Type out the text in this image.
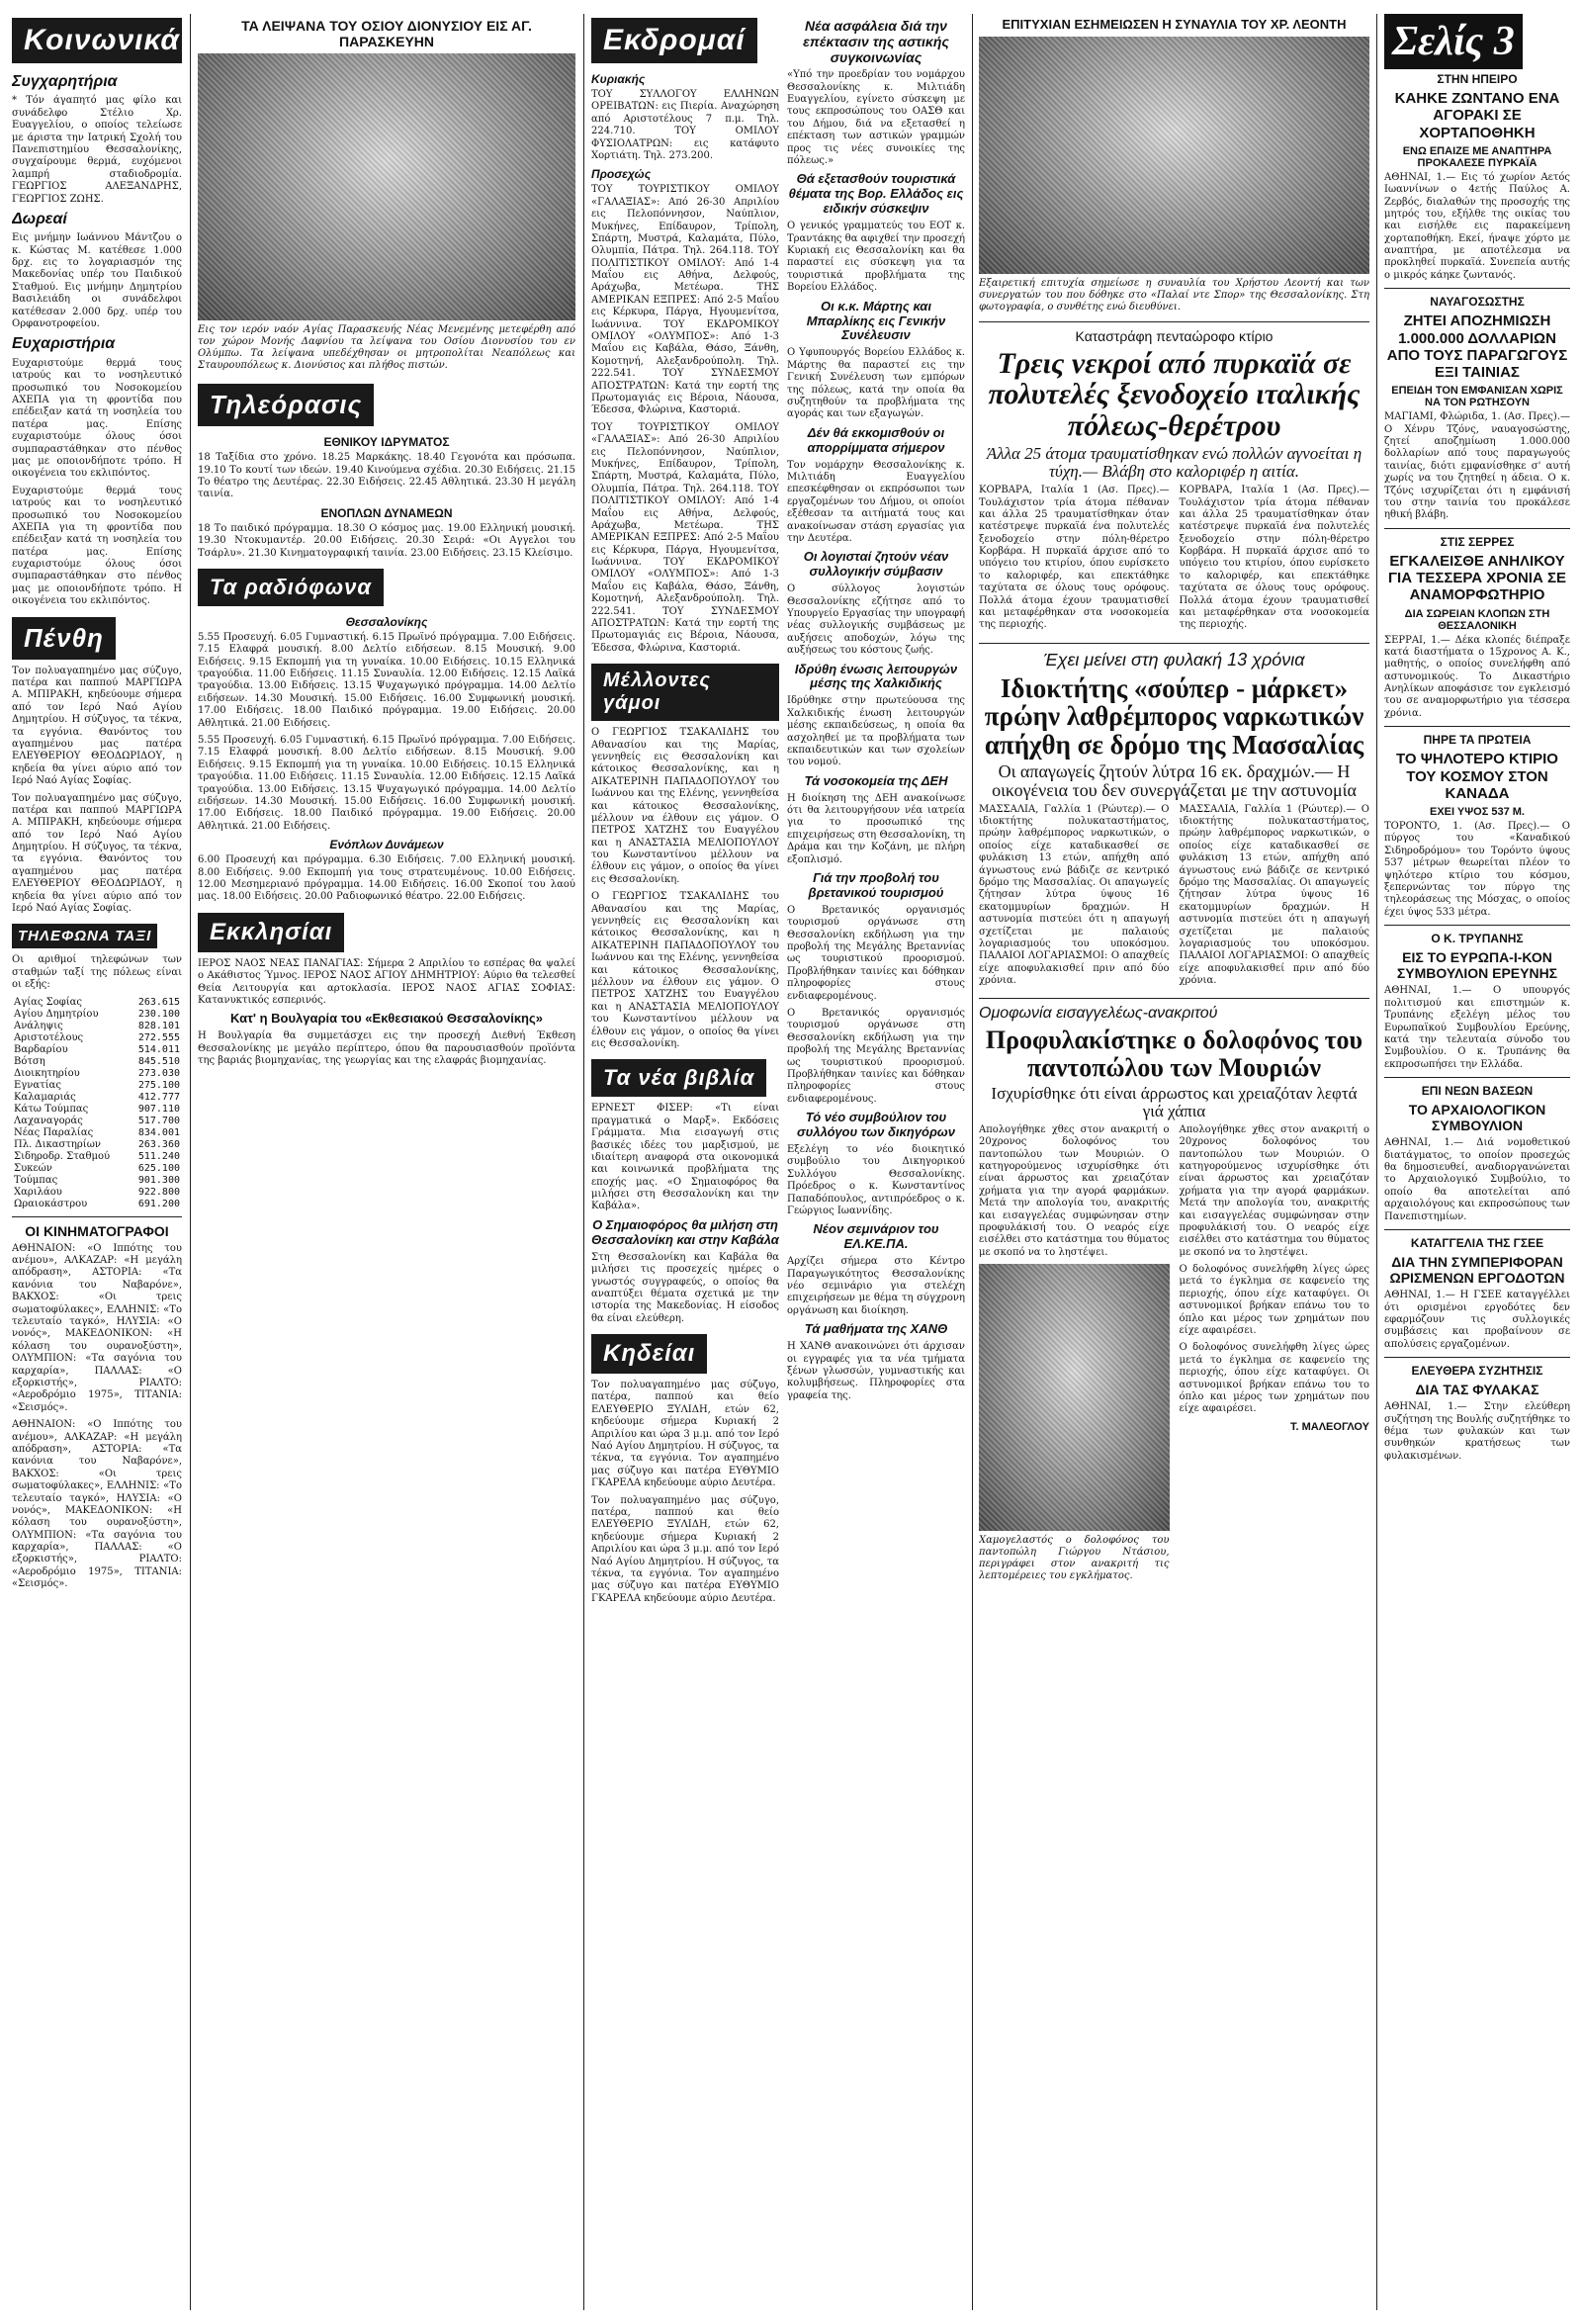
Κοινωνικά
Συγχαρητήρια

* Τόν άγαπητό μας φίλο και συνάδελφο Στέλιο Χρ. Ευαγγελίου, ο οποίος τελείωσε με άριστα την Ιατρική Σχολή του Πανεπιστημίου Θεσσαλονίκης, συγχαίρουμε θερμά, ευχόμενοι λαμπρή σταδιοδρομία. ΓΕΩΡΓΙΟΣ ΑΛΕΞΑΝΔΡΗΣ, ΓΕΩΡΓΙΟΣ ΖΩΗΣ.

Δωρεαί

Εις μνήμην Ιωάννου Μάντζου ο κ. Κώστας Μ. κατέθεσε 1.000 δρχ. εις το λογαριασμόν της Μακεδονίας υπέρ του Παιδικού Σταθμού. Εις μνήμην Δημητρίου Βασιλειάδη οι συνάδελφοι κατέθεσαν 2.000 δρχ. υπέρ του Ορφανοτροφείου.

Ευχαριστήρια

Ευχαριστούμε θερμά τους ιατρούς και το νοσηλευτικό προσωπικό του Νοσοκομείου ΑΧΕΠΑ για τη φροντίδα που επέδειξαν κατά τη νοσηλεία του πατέρα μας. Επίσης ευχαριστούμε όλους όσοι συμπαραστάθηκαν στο πένθος μας με οποιονδήποτε τρόπο. Η οικογένεια του εκλιπόντος.

Ευχαριστούμε θερμά τους ιατρούς και το νοσηλευτικό προσωπικό του Νοσοκομείου ΑΧΕΠΑ για τη φροντίδα που επέδειξαν κατά τη νοσηλεία του πατέρα μας. Επίσης ευχαριστούμε όλους όσοι συμπαραστάθηκαν στο πένθος μας με οποιονδήποτε τρόπο. Η οικογένεια του εκλιπόντος.

Πένθη

Τον πολυαγαπημένο μας σύζυγο, πατέρα και παππού ΜΑΡΓΙΩΡΑ Α. ΜΠΙΡΑΚΗ, κηδεύουμε σήμερα από τον Ιερό Ναό Αγίου Δημητρίου. Η σύζυγος, τα τέκνα, τα εγγόνια. Θανόντος του αγαπημένου μας πατέρα ΕΛΕΥΘΕΡΙΟΥ ΘΕΟΔΩΡΙΔΟΥ, η κηδεία θα γίνει αύριο από τον Ιερό Ναό Αγίας Σοφίας.

Τον πολυαγαπημένο μας σύζυγο, πατέρα και παππού ΜΑΡΓΙΩΡΑ Α. ΜΠΙΡΑΚΗ, κηδεύουμε σήμερα από τον Ιερό Ναό Αγίου Δημητρίου. Η σύζυγος, τα τέκνα, τα εγγόνια. Θανόντος του αγαπημένου μας πατέρα ΕΛΕΥΘΕΡΙΟΥ ΘΕΟΔΩΡΙΔΟΥ, η κηδεία θα γίνει αύριο από τον Ιερό Ναό Αγίας Σοφίας.

ΤΗΛΕΦΩΝΑ ΤΑΞΙ

Οι αριθμοί τηλεφώνων των σταθμών ταξί της πόλεως είναι οι εξής:

Αγίας Σοφίας	263.615
Αγίου Δημητρίου	230.100
Ανάληψις	828.101
Αριστοτέλους	272.555
Βαρδαρίου	514.011
Βότση	845.510
Διοικητηρίου	273.030
Εγνατίας	275.100
Καλαμαριάς	412.777
Κάτω Τούμπας	907.110
Λαχαναγοράς	517.700
Νέας Παραλίας	834.001
Πλ. Δικαστηρίων	263.360
Σιδηροδρ. Σταθμού	511.240
Συκεών	625.100
Τούμπας	901.300
Χαριλάου	922.800
Ωραιοκάστρου	691.200
ΟΙ ΚΙΝΗΜΑΤΟΓΡΑΦΟΙ

ΑΘΗΝΑΙΟΝ: «Ο Ιππότης του ανέμου», ΑΛΚΑΖΑΡ: «Η μεγάλη απόδραση», ΑΣΤΟΡΙΑ: «Τα κανόνια του Ναβαρόνε», ΒΑΚΧΟΣ: «Οι τρεις σωματοφύλακες», ΕΛΛΗΝΙΣ: «Το τελευταίο ταγκό», ΗΛΥΣΙΑ: «Ο νονός», ΜΑΚΕΔΟΝΙΚΟΝ: «Η κόλαση του ουρανοξύστη», ΟΛΥΜΠΙΟΝ: «Τα σαγόνια του καρχαρία», ΠΑΛΛΑΣ: «Ο εξορκιστής», ΡΙΑΛΤΟ: «Αεροδρόμιο 1975», ΤΙΤΑΝΙΑ: «Σεισμός».

ΑΘΗΝΑΙΟΝ: «Ο Ιππότης του ανέμου», ΑΛΚΑΖΑΡ: «Η μεγάλη απόδραση», ΑΣΤΟΡΙΑ: «Τα κανόνια του Ναβαρόνε», ΒΑΚΧΟΣ: «Οι τρεις σωματοφύλακες», ΕΛΛΗΝΙΣ: «Το τελευταίο ταγκό», ΗΛΥΣΙΑ: «Ο νονός», ΜΑΚΕΔΟΝΙΚΟΝ: «Η κόλαση του ουρανοξύστη», ΟΛΥΜΠΙΟΝ: «Τα σαγόνια του καρχαρία», ΠΑΛΛΑΣ: «Ο εξορκιστής», ΡΙΑΛΤΟ: «Αεροδρόμιο 1975», ΤΙΤΑΝΙΑ: «Σεισμός».

ΤΑ ΛΕΙΨΑΝΑ ΤΟΥ ΟΣΙΟΥ ΔΙΟΝΥΣΙΟΥ ΕΙΣ ΑΓ. ΠΑΡΑΣΚΕΥΗΝ

Εις τον ιερόν ναόν Αγίας Παρασκευής Νέας Μενεμένης μετεφέρθη από τον χώρον Μονής Δαφνίου τα λείψανα του Οσίου Διονυσίου του εν Ολύμπω. Τα λείψανα υπεδέχθησαν οι μητροπολίται Νεαπόλεως και Σταυρουπόλεως κ. Διονύσιος και πλήθος πιστών.

Τηλεόρασις
ΕΘΝΙΚΟΥ ΙΔΡΥΜΑΤΟΣ

18 Ταξίδια στο χρόνο. 18.25 Μαρκάκης. 18.40 Γεγονότα και πρόσωπα. 19.10 Το κουτί των ιδεών. 19.40 Κινούμενα σχέδια. 20.30 Ειδήσεις. 21.15 Το θέατρο της Δευτέρας. 22.30 Ειδήσεις. 22.45 Αθλητικά. 23.30 Η μεγάλη ταινία.

ΕΝΟΠΛΩΝ ΔΥΝΑΜΕΩΝ

18 Το παιδικό πρόγραμμα. 18.30 Ο κόσμος μας. 19.00 Ελληνική μουσική. 19.30 Ντοκυμαντέρ. 20.00 Ειδήσεις. 20.30 Σειρά: «Οι Αγγελοι του Τσάρλυ». 21.30 Κινηματογραφική ταινία. 23.00 Ειδήσεις. 23.15 Κλείσιμο.

Τα ραδιόφωνα
Θεσσαλονίκης

5.55 Προσευχή. 6.05 Γυμναστική. 6.15 Πρωϊνό πρόγραμμα. 7.00 Ειδήσεις. 7.15 Ελαφρά μουσική. 8.00 Δελτίο ειδήσεων. 8.15 Μουσική. 9.00 Ειδήσεις. 9.15 Εκπομπή για τη γυναίκα. 10.00 Ειδήσεις. 10.15 Ελληνικά τραγούδια. 11.00 Ειδήσεις. 11.15 Συναυλία. 12.00 Ειδήσεις. 12.15 Λαϊκά τραγούδια. 13.00 Ειδήσεις. 13.15 Ψυχαγωγικό πρόγραμμα. 14.00 Δελτίο ειδήσεων. 14.30 Μουσική. 15.00 Ειδήσεις. 16.00 Συμφωνική μουσική. 17.00 Ειδήσεις. 18.00 Παιδικό πρόγραμμα. 19.00 Ειδήσεις. 20.00 Αθλητικά. 21.00 Ειδήσεις.

5.55 Προσευχή. 6.05 Γυμναστική. 6.15 Πρωϊνό πρόγραμμα. 7.00 Ειδήσεις. 7.15 Ελαφρά μουσική. 8.00 Δελτίο ειδήσεων. 8.15 Μουσική. 9.00 Ειδήσεις. 9.15 Εκπομπή για τη γυναίκα. 10.00 Ειδήσεις. 10.15 Ελληνικά τραγούδια. 11.00 Ειδήσεις. 11.15 Συναυλία. 12.00 Ειδήσεις. 12.15 Λαϊκά τραγούδια. 13.00 Ειδήσεις. 13.15 Ψυχαγωγικό πρόγραμμα. 14.00 Δελτίο ειδήσεων. 14.30 Μουσική. 15.00 Ειδήσεις. 16.00 Συμφωνική μουσική. 17.00 Ειδήσεις. 18.00 Παιδικό πρόγραμμα. 19.00 Ειδήσεις. 20.00 Αθλητικά. 21.00 Ειδήσεις.

Ενόπλων Δυνάμεων

6.00 Προσευχή και πρόγραμμα. 6.30 Ειδήσεις. 7.00 Ελληνική μουσική. 8.00 Ειδήσεις. 9.00 Εκπομπή για τους στρατευμένους. 10.00 Ειδήσεις. 12.00 Μεσημεριανό πρόγραμμα. 14.00 Ειδήσεις. 16.00 Σκοποί του λαού μας. 18.00 Ειδήσεις. 20.00 Ραδιοφωνικό θέατρο. 22.00 Ειδήσεις.

Εκκλησίαι

ΙΕΡΟΣ ΝΑΟΣ ΝΕΑΣ ΠΑΝΑΓΙΑΣ: Σήμερα 2 Απριλίου το εσπέρας θα ψαλεί ο Ακάθιστος Ύμνος. ΙΕΡΟΣ ΝΑΟΣ ΑΓΙΟΥ ΔΗΜΗΤΡΙΟΥ: Αύριο θα τελεσθεί Θεία Λειτουργία και αρτοκλασία. ΙΕΡΟΣ ΝΑΟΣ ΑΓΙΑΣ ΣΟΦΙΑΣ: Κατανυκτικός εσπερινός.

Κατ' η Βουλγαρία του «Εκθεσιακού Θεσσαλονίκης»

Η Βουλγαρία θα συμμετάσχει εις την προσεχή Διεθνή Έκθεση Θεσσαλονίκης με μεγάλο περίπτερο, όπου θα παρουσιασθούν προϊόντα της βαριάς βιομηχανίας, της γεωργίας και της ελαφράς βιομηχανίας.

Εκδρομαί
Κυριακής

ΤΟΥ ΣΥΛΛΟΓΟΥ ΕΛΛΗΝΩΝ ΟΡΕΙΒΑΤΩΝ: εις Πιερία. Αναχώρηση από Αριστοτέλους 7 π.μ. Τηλ. 224.710. ΤΟΥ ΟΜΙΛΟΥ ΦΥΣΙΟΛΑΤΡΩΝ: εις κατάφυτο Χορτιάτη. Τηλ. 273.200.

Προσεχώς

ΤΟΥ ΤΟΥΡΙΣΤΙΚΟΥ ΟΜΙΛΟΥ «ΓΑΛΑΞΙΑΣ»: Από 26-30 Απριλίου εις Πελοπόννησον, Ναύπλιον, Μυκήνες, Επίδαυρον, Τρίπολη, Σπάρτη, Μυστρά, Καλαμάτα, Πύλο, Ολυμπία, Πάτρα. Τηλ. 264.118. ΤΟΥ ΠΟΛΙΤΙΣΤΙΚΟΥ ΟΜΙΛΟΥ: Από 1-4 Μαΐου εις Αθήνα, Δελφούς, Αράχωβα, Μετέωρα. ΤΗΣ ΑΜΕΡΙΚΑΝ ΕΞΠΡΕΣ: Από 2-5 Μαΐου εις Κέρκυρα, Πάργα, Ηγουμενίτσα, Ιωάννινα. ΤΟΥ ΕΚΔΡΟΜΙΚΟΥ ΟΜΙΛΟΥ «ΟΛΥΜΠΟΣ»: Από 1-3 Μαΐου εις Καβάλα, Θάσο, Ξάνθη, Κομοτηνή, Αλεξανδρούπολη. Τηλ. 222.541. ΤΟΥ ΣΥΝΔΕΣΜΟΥ ΑΠΟΣΤΡΑΤΩΝ: Κατά την εορτή της Πρωτομαγιάς εις Βέροια, Νάουσα, Έδεσσα, Φλώρινα, Καστοριά.

ΤΟΥ ΤΟΥΡΙΣΤΙΚΟΥ ΟΜΙΛΟΥ «ΓΑΛΑΞΙΑΣ»: Από 26-30 Απριλίου εις Πελοπόννησον, Ναύπλιον, Μυκήνες, Επίδαυρον, Τρίπολη, Σπάρτη, Μυστρά, Καλαμάτα, Πύλο, Ολυμπία, Πάτρα. Τηλ. 264.118. ΤΟΥ ΠΟΛΙΤΙΣΤΙΚΟΥ ΟΜΙΛΟΥ: Από 1-4 Μαΐου εις Αθήνα, Δελφούς, Αράχωβα, Μετέωρα. ΤΗΣ ΑΜΕΡΙΚΑΝ ΕΞΠΡΕΣ: Από 2-5 Μαΐου εις Κέρκυρα, Πάργα, Ηγουμενίτσα, Ιωάννινα. ΤΟΥ ΕΚΔΡΟΜΙΚΟΥ ΟΜΙΛΟΥ «ΟΛΥΜΠΟΣ»: Από 1-3 Μαΐου εις Καβάλα, Θάσο, Ξάνθη, Κομοτηνή, Αλεξανδρούπολη. Τηλ. 222.541. ΤΟΥ ΣΥΝΔΕΣΜΟΥ ΑΠΟΣΤΡΑΤΩΝ: Κατά την εορτή της Πρωτομαγιάς εις Βέροια, Νάουσα, Έδεσσα, Φλώρινα, Καστοριά.

Μέλλοντες γάμοι

Ο ΓΕΩΡΓΙΟΣ ΤΣΑΚΑΛΙΔΗΣ του Αθανασίου και της Μαρίας, γεννηθείς εις Θεσσαλονίκη και κάτοικος Θεσσαλονίκης, και η ΑΙΚΑΤΕΡΙΝΗ ΠΑΠΑΔΟΠΟΥΛΟΥ του Ιωάννου και της Ελένης, γεννηθείσα και κάτοικος Θεσσαλονίκης, μέλλουν να έλθουν εις γάμον. Ο ΠΕΤΡΟΣ ΧΑΤΖΗΣ του Ευαγγέλου και η ΑΝΑΣΤΑΣΙΑ ΜΕΛΙΟΠΟΥΛΟΥ του Κωνσταντίνου μέλλουν να έλθουν εις γάμον, ο οποίος θα γίνει εις Θεσσαλονίκη.

Ο ΓΕΩΡΓΙΟΣ ΤΣΑΚΑΛΙΔΗΣ του Αθανασίου και της Μαρίας, γεννηθείς εις Θεσσαλονίκη και κάτοικος Θεσσαλονίκης, και η ΑΙΚΑΤΕΡΙΝΗ ΠΑΠΑΔΟΠΟΥΛΟΥ του Ιωάννου και της Ελένης, γεννηθείσα και κάτοικος Θεσσαλονίκης, μέλλουν να έλθουν εις γάμον. Ο ΠΕΤΡΟΣ ΧΑΤΖΗΣ του Ευαγγέλου και η ΑΝΑΣΤΑΣΙΑ ΜΕΛΙΟΠΟΥΛΟΥ του Κωνσταντίνου μέλλουν να έλθουν εις γάμον, ο οποίος θα γίνει εις Θεσσαλονίκη.

Τα νέα βιβλία

ΕΡΝΕΣΤ ΦΙΣΕΡ: «Τι είναι πραγματικά ο Μαρξ». Εκδόσεις Γράμματα. Μια εισαγωγή στις βασικές ιδέες του μαρξισμού, με ιδιαίτερη αναφορά στα οικονομικά και κοινωνικά προβλήματα της εποχής μας. «Ο Σημαιοφόρος θα μιλήσει στη Θεσσαλονίκη και την Καβάλα».

Ο Σημαιοφόρος θα μιλήση στη Θεσσαλονίκη και στην Καβάλα

Στη Θεσσαλονίκη και Καβάλα θα μιλήσει τις προσεχείς ημέρες ο γνωστός συγγραφεύς, ο οποίος θα αναπτύξει θέματα σχετικά με την ιστορία της Μακεδονίας. Η είσοδος θα είναι ελεύθερη.

Κηδείαι

Τον πολυαγαπημένο μας σύζυγο, πατέρα, παππού και θείο ΕΛΕΥΘΕΡΙΟ ΞΥΛΙΔΗ, ετών 62, κηδεύουμε σήμερα Κυριακή 2 Απριλίου και ώρα 3 μ.μ. από τον Ιερό Ναό Αγίου Δημητρίου. Η σύζυγος, τα τέκνα, τα εγγόνια. Τον αγαπημένο μας σύζυγο και πατέρα ΕΥΘΥΜΙΟ ΓΚΑΡΕΛΑ κηδεύουμε αύριο Δευτέρα.

Τον πολυαγαπημένο μας σύζυγο, πατέρα, παππού και θείο ΕΛΕΥΘΕΡΙΟ ΞΥΛΙΔΗ, ετών 62, κηδεύουμε σήμερα Κυριακή 2 Απριλίου και ώρα 3 μ.μ. από τον Ιερό Ναό Αγίου Δημητρίου. Η σύζυγος, τα τέκνα, τα εγγόνια. Τον αγαπημένο μας σύζυγο και πατέρα ΕΥΘΥΜΙΟ ΓΚΑΡΕΛΑ κηδεύουμε αύριο Δευτέρα.

Νέα ασφάλεια διά την επέκτασιν της αστικής συγκοινωνίας

«Υπό την προεδρίαν του νομάρχου Θεσσαλονίκης κ. Μιλτιάδη Ευαγγελίου, εγίνετο σύσκεψη με τους εκπροσώπους του ΟΑΣΘ και του Δήμου, διά να εξετασθεί η επέκταση των αστικών γραμμών προς τις νέες συνοικίες της πόλεως.»

Θά εξετασθούν τουριστικά θέματα της Βορ. Ελλάδος εις ειδικήν σύσκεψιν

Ο γενικός γραμματεύς του ΕΟΤ κ. Τραντάκης θα αφιχθεί την προσεχή Κυριακή εις Θεσσαλονίκη και θα παραστεί εις σύσκεψη για τα τουριστικά προβλήματα της Βορείου Ελλάδος.

Οι κ.κ. Μάρτης και Μπαρλίκης εις Γενικήν Συνέλευσιν

Ο Υφυπουργός Βορείου Ελλάδος κ. Μάρτης θα παραστεί εις την Γενική Συνέλευση των εμπόρων της πόλεως, κατά την οποία θα συζητηθούν τα προβλήματα της αγοράς και των εξαγωγών.

Δέν θά εκκομισθούν οι απορρίμματα σήμερον

Τον νομάρχην Θεσσαλονίκης κ. Μιλτιάδη Ευαγγελίου επεσκέφθησαν οι εκπρόσωποι των εργαζομένων του Δήμου, οι οποίοι εξέθεσαν τα αιτήματά τους και ανακοίνωσαν στάση εργασίας για την Δευτέρα.

Οι λογισταί ζητούν νέαν συλλογικήν σύμβασιν

Ο σύλλογος λογιστών Θεσσαλονίκης εζήτησε από το Υπουργείο Εργασίας την υπογραφή νέας συλλογικής συμβάσεως με αυξήσεις αποδοχών, λόγω της αυξήσεως του κόστους ζωής.

Ιδρύθη ένωσις λειτουργών μέσης της Χαλκιδικής

Ιδρύθηκε στην πρωτεύουσα της Χαλκιδικής ένωση λειτουργών μέσης εκπαιδεύσεως, η οποία θα ασχοληθεί με τα προβλήματα των εκπαιδευτικών και των σχολείων του νομού.

Τά νοσοκομεία της ΔΕΗ

Η διοίκηση της ΔΕΗ ανακοίνωσε ότι θα λειτουργήσουν νέα ιατρεία για το προσωπικό της επιχειρήσεως στη Θεσσαλονίκη, τη Δράμα και την Κοζάνη, με πλήρη εξοπλισμό.

Γιά την προβολή του βρετανικού τουρισμού

Ο Βρετανικός οργανισμός τουρισμού οργάνωσε στη Θεσσαλονίκη εκδήλωση για την προβολή της Μεγάλης Βρεταννίας ως τουριστικού προορισμού. Προβλήθηκαν ταινίες και δόθηκαν πληροφορίες στους ενδιαφερομένους.

Ο Βρετανικός οργανισμός τουρισμού οργάνωσε στη Θεσσαλονίκη εκδήλωση για την προβολή της Μεγάλης Βρεταννίας ως τουριστικού προορισμού. Προβλήθηκαν ταινίες και δόθηκαν πληροφορίες στους ενδιαφερομένους.

Τό νέο συμβούλιον του συλλόγου των δικηγόρων

Εξελέγη το νέο διοικητικό συμβούλιο του Δικηγορικού Συλλόγου Θεσσαλονίκης. Πρόεδρος ο κ. Κωνσταντίνος Παπαδόπουλος, αντιπρόεδρος ο κ. Γεώργιος Ιωαννίδης.

Νέον σεμινάριον του ΕΛ.ΚΕ.ΠΑ.

Αρχίζει σήμερα στο Κέντρο Παραγωγικότητος Θεσσαλονίκης νέο σεμινάριο για στελέχη επιχειρήσεων με θέμα τη σύγχρονη οργάνωση και διοίκηση.

Τά μαθήματα της ΧΑΝΘ

Η ΧΑΝΘ ανακοινώνει ότι άρχισαν οι εγγραφές για τα νέα τμήματα ξένων γλωσσών, γυμναστικής και κολυμβήσεως. Πληροφορίες στα γραφεία της.

ΕΠΙΤΥΧΙΑΝ ΕΣΗΜΕΙΩΣΕΝ Η ΣΥΝΑΥΛΙΑ ΤΟΥ ΧΡ. ΛΕΟΝΤΗ

Εξαιρετική επιτυχία σημείωσε η συναυλία του Χρήστου Λεοντή και των συνεργατών του που δόθηκε στο «Παλαί ντε Σπορ» της Θεσσαλονίκης. Στη φωτογραφία, ο συνθέτης ενώ διευθύνει.

Καταστράφη πενταώροφο κτίριο
Τρεις νεκροί από πυρκαϊά σε πολυτελές ξενοδοχείο ιταλικής πόλεως-θερέτρου
Άλλα 25 άτομα τραυματίσθηκαν ενώ πολλών αγνοείται η τύχη.— Βλάβη στο καλοριφέρ η αιτία.

ΚΟΡΒΑΡΑ, Ιταλία 1 (Ασ. Πρες).— Τουλάχιστον τρία άτομα πέθαναν και άλλα 25 τραυματίσθηκαν όταν κατέστρεψε πυρκαϊά ένα πολυτελές ξενοδοχείο στην πόλη-θέρετρο Κορβάρα. Η πυρκαϊά άρχισε από το υπόγειο του κτιρίου, όπου ευρίσκετο το καλοριφέρ, και επεκτάθηκε ταχύτατα σε όλους τους ορόφους. Πολλά άτομα έχουν τραυματισθεί και μεταφέρθηκαν στα νοσοκομεία της περιοχής.

ΚΟΡΒΑΡΑ, Ιταλία 1 (Ασ. Πρες).— Τουλάχιστον τρία άτομα πέθαναν και άλλα 25 τραυματίσθηκαν όταν κατέστρεψε πυρκαϊά ένα πολυτελές ξενοδοχείο στην πόλη-θέρετρο Κορβάρα. Η πυρκαϊά άρχισε από το υπόγειο του κτιρίου, όπου ευρίσκετο το καλοριφέρ, και επεκτάθηκε ταχύτατα σε όλους τους ορόφους. Πολλά άτομα έχουν τραυματισθεί και μεταφέρθηκαν στα νοσοκομεία της περιοχής.

Έχει μείνει στη φυλακή 13 χρόνια
Ιδιοκτήτης «σούπερ - μάρκετ» πρώην λαθρέμπορος ναρκωτικών απήχθη σε δρόμο της Μασσαλίας
Οι απαγωγείς ζητούν λύτρα 16 εκ. δραχμών.— Η οικογένεια του δεν συνεργάζεται με την αστυνομία

ΜΑΣΣΑΛΙΑ, Γαλλία 1 (Ρώυτερ).— Ο ιδιοκτήτης πολυκαταστήματος, πρώην λαθρέμπορος ναρκωτικών, ο οποίος είχε καταδικασθεί σε φυλάκιση 13 ετών, απήχθη από άγνωστους ενώ βάδιζε σε κεντρικό δρόμο της Μασσαλίας. Οι απαγωγείς ζήτησαν λύτρα ύψους 16 εκατομμυρίων δραχμών. Η αστυνομία πιστεύει ότι η απαγωγή σχετίζεται με παλαιούς λογαριασμούς του υποκόσμου. ΠΑΛΑΙΟΙ ΛΟΓΑΡΙΑΣΜΟΙ: Ο απαχθείς είχε αποφυλακισθεί πριν από δύο χρόνια.

ΜΑΣΣΑΛΙΑ, Γαλλία 1 (Ρώυτερ).— Ο ιδιοκτήτης πολυκαταστήματος, πρώην λαθρέμπορος ναρκωτικών, ο οποίος είχε καταδικασθεί σε φυλάκιση 13 ετών, απήχθη από άγνωστους ενώ βάδιζε σε κεντρικό δρόμο της Μασσαλίας. Οι απαγωγείς ζήτησαν λύτρα ύψους 16 εκατομμυρίων δραχμών. Η αστυνομία πιστεύει ότι η απαγωγή σχετίζεται με παλαιούς λογαριασμούς του υποκόσμου. ΠΑΛΑΙΟΙ ΛΟΓΑΡΙΑΣΜΟΙ: Ο απαχθείς είχε αποφυλακισθεί πριν από δύο χρόνια.

Ομοφωνία εισαγγελέως-ανακριτού
Προφυλακίστηκε ο δολοφόνος του παντοπώλου των Μουριών
Ισχυρίσθηκε ότι είναι άρρωστος και χρειαζόταν λεφτά γιά χάπια

Απολογήθηκε χθες στον ανακριτή ο 20χρονος δολοφόνος του παντοπώλου των Μουριών. Ο κατηγορούμενος ισχυρίσθηκε ότι είναι άρρωστος και χρειαζόταν χρήματα για την αγορά φαρμάκων. Μετά την απολογία του, ανακριτής και εισαγγελέας συμφώνησαν στην προφυλάκισή του. Ο νεαρός είχε εισέλθει στο κατάστημα του θύματος με σκοπό να το ληστέψει.

Χαμογελαστός ο δολοφόνος του παντοπώλη Γιώργου Ντάσιου, περιγράφει στον ανακριτή τις λεπτομέρειες του εγκλήματος.

Απολογήθηκε χθες στον ανακριτή ο 20χρονος δολοφόνος του παντοπώλου των Μουριών. Ο κατηγορούμενος ισχυρίσθηκε ότι είναι άρρωστος και χρειαζόταν χρήματα για την αγορά φαρμάκων. Μετά την απολογία του, ανακριτής και εισαγγελέας συμφώνησαν στην προφυλάκισή του. Ο νεαρός είχε εισέλθει στο κατάστημα του θύματος με σκοπό να το ληστέψει.

Ο δολοφόνος συνελήφθη λίγες ώρες μετά το έγκλημα σε καφενείο της περιοχής, όπου είχε καταφύγει. Οι αστυνομικοί βρήκαν επάνω του το όπλο και μέρος των χρημάτων που είχε αφαιρέσει.

Ο δολοφόνος συνελήφθη λίγες ώρες μετά το έγκλημα σε καφενείο της περιοχής, όπου είχε καταφύγει. Οι αστυνομικοί βρήκαν επάνω του το όπλο και μέρος των χρημάτων που είχε αφαιρέσει.

Τ. ΜΑΛΕΟΓΛΟΥ
Σελίς 3
ΣΤΗΝ ΗΠΕΙΡΟ
ΚΑΗΚΕ ΖΩΝΤΑΝΟ ΕΝΑ ΑΓΟΡΑΚΙ ΣΕ ΧΟΡΤΑΠΟΘΗΚΗ
ΕΝΩ ΕΠΑΙΖΕ ΜΕ ΑΝΑΠΤΗΡΑ ΠΡΟΚΑΛΕΣΕ ΠΥΡΚΑΪΑ

ΑΘΗΝΑΙ, 1.— Εις τό χωρίον Αετός Ιωαννίνων ο 4ετής Παύλος Α. Ζερβός, διαλαθών της προσοχής της μητρός του, εξήλθε της οικίας του και εισήλθε εις παρακείμενη χορταποθήκη. Εκεί, ήναψε χόρτο με αναπτήρα, με αποτέλεσμα να προκληθεί πυρκαϊά. Συνεπεία αυτής ο μικρός κάηκε ζωντανός.

ΝΑΥΑΓΟΣΩΣΤΗΣ
ΖΗΤΕΙ ΑΠΟΖΗΜΙΩΣΗ 1.000.000 ΔΟΛΛΑΡΙΩΝ ΑΠΟ ΤΟΥΣ ΠΑΡΑΓΩΓΟΥΣ ΕΞΙ ΤΑΙΝΙΑΣ
ΕΠΕΙΔΗ ΤΟΝ ΕΜΦΑΝΙΣΑΝ ΧΩΡΙΣ ΝΑ ΤΟΝ ΡΩΤΗΣΟΥΝ

ΜΑΓΙΑΜΙ, Φλώριδα, 1. (Ασ. Πρες).— Ο Χένρυ Τζόνς, ναυαγοσώστης, ζητεί αποζημίωση 1.000.000 δολλαρίων από τους παραγωγούς ταινίας, διότι εμφανίσθηκε σ' αυτή χωρίς να του ζητηθεί η άδεια. Ο κ. Τζόνς ισχυρίζεται ότι η εμφάνισή του στην ταινία του προκάλεσε ηθική βλάβη.

ΣΤΙΣ ΣΕΡΡΕΣ
ΕΓΚΑΛΕΙΣΘΕ ΑΝΗΛΙΚΟΥ ΓΙΑ ΤΕΣΣΕΡΑ ΧΡΟΝΙΑ ΣΕ ΑΝΑΜΟΡΦΩΤΗΡΙΟ
ΔΙΑ ΣΩΡΕΙΑΝ ΚΛΟΠΩΝ ΣΤΗ ΘΕΣΣΑΛΟΝΙΚΗ

ΣΕΡΡΑΙ, 1.— Δέκα κλοπές διέπραξε κατά διαστήματα ο 15χρονος Α. Κ., μαθητής, ο οποίος συνελήφθη από αστυνομικούς. Το Δικαστήριο Ανηλίκων αποφάσισε τον εγκλεισμό του σε αναμορφωτήριο για τέσσερα χρόνια.

ΠΗΡΕ ΤΑ ΠΡΩΤΕΙΑ
ΤΟ ΨΗΛΟΤΕΡΟ ΚΤΙΡΙΟ ΤΟΥ ΚΟΣΜΟΥ ΣΤΟΝ ΚΑΝΑΔΑ
ΕΧΕΙ ΥΨΟΣ 537 Μ.

ΤΟΡΟΝΤΟ, 1. (Ασ. Πρες).— Ο πύργος του «Καναδικού Σιδηροδρόμου» του Τορόντο ύψους 537 μέτρων θεωρείται πλέον το ψηλότερο κτίριο του κόσμου, ξεπερνώντας τον πύργο της τηλεοράσεως της Μόσχας, ο οποίος έχει ύψος 533 μέτρα.

Ο Κ. ΤΡΥΠΑΝΗΣ
ΕΙΣ ΤΟ ΕΥΡΩΠΑ-Ι-ΚΟΝ ΣΥΜΒΟΥΛΙΟΝ ΕΡΕΥΝΗΣ

ΑΘΗΝΑΙ, 1.— Ο υπουργός πολιτισμού και επιστημών κ. Τρυπάνης εξελέγη μέλος του Ευρωπαϊκού Συμβουλίου Ερεύνης, κατά την τελευταία σύνοδο του Συμβουλίου. Ο κ. Τρυπάνης θα εκπροσωπήσει την Ελλάδα.

ΕΠΙ ΝΕΩΝ ΒΑΣΕΩΝ
ΤΟ ΑΡΧΑΙΟΛΟΓΙΚΟΝ ΣΥΜΒΟΥΛΙΟΝ

ΑΘΗΝΑΙ, 1.— Διά νομοθετικού διατάγματος, το οποίον προσεχώς θα δημοσιευθεί, αναδιοργανώνεται το Αρχαιολογικό Συμβούλιο, το οποίο θα αποτελείται από αρχαιολόγους και εκπροσώπους των Πανεπιστημίων.

ΚΑΤΑΓΓΕΛΙΑ ΤΗΣ ΓΣΕΕ
ΔΙΑ ΤΗΝ ΣΥΜΠΕΡΙΦΟΡΑΝ ΩΡΙΣΜΕΝΩΝ ΕΡΓΟΔΟΤΩΝ

ΑΘΗΝΑΙ, 1.— Η ΓΣΕΕ καταγγέλλει ότι ορισμένοι εργοδότες δεν εφαρμόζουν τις συλλογικές συμβάσεις και προβαίνουν σε απολύσεις εργαζομένων.

ΕΛΕΥΘΕΡΑ ΣΥΖΗΤΗΣΙΣ
ΔΙΑ ΤΑΣ ΦΥΛΑΚΑΣ

ΑΘΗΝΑΙ, 1.— Στην ελεύθερη συζήτηση της Βουλής συζητήθηκε το θέμα των φυλακών και των συνθηκών κρατήσεως των φυλακισμένων.
